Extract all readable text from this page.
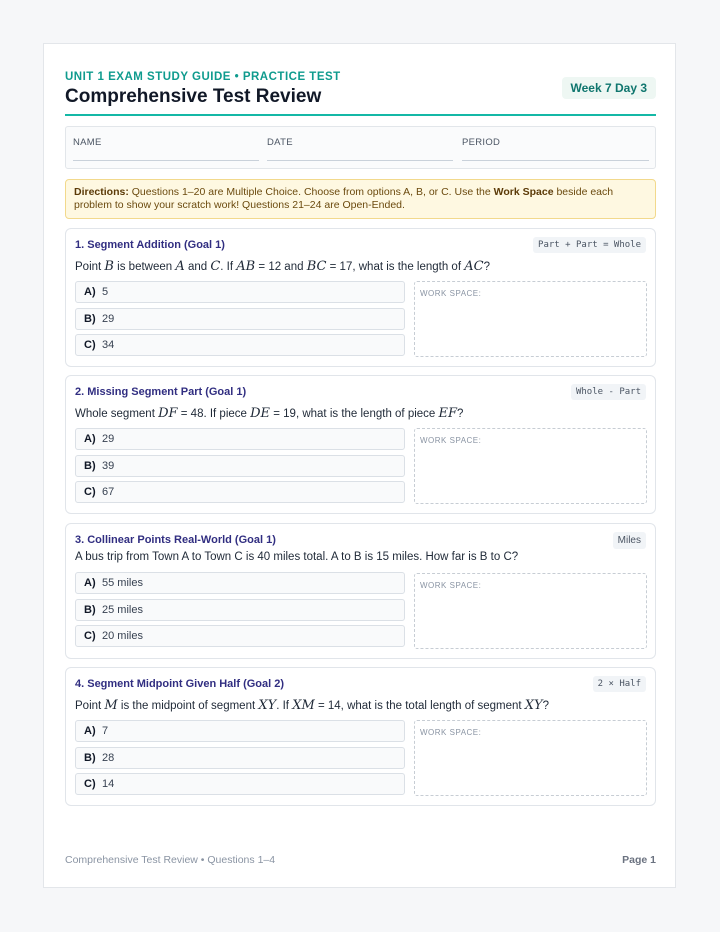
UNIT 1 EXAM STUDY GUIDE • PRACTICE TEST
Comprehensive Test Review	Week 7 Day 3
NAME	DATE	PERIOD
Directions: Questions 1–20 are Multiple Choice. Choose from options A, B, or C. Use the Work Space beside each problem to show your scratch work! Questions 21–24 are Open-Ended.
1. Segment Addition (Goal 1)	Part + Part = Whole
Point B is between A and C. If AB = 12 and BC = 17, what is the length of AC?
A) 5
B) 29
C) 34
WORK SPACE:
2. Missing Segment Part (Goal 1)	Whole - Part
Whole segment DF = 48. If piece DE = 19, what is the length of piece EF?
A) 29
B) 39
C) 67
WORK SPACE:
3. Collinear Points Real-World (Goal 1)	Miles
A bus trip from Town A to Town C is 40 miles total. A to B is 15 miles. How far is B to C?
A) 55 miles
B) 25 miles
C) 20 miles
WORK SPACE:
4. Segment Midpoint Given Half (Goal 2)	2 × Half
Point M is the midpoint of segment XY. If XM = 14, what is the total length of segment XY?
A) 7
B) 28
C) 14
WORK SPACE:
Comprehensive Test Review • Questions 1–4	Page 1
